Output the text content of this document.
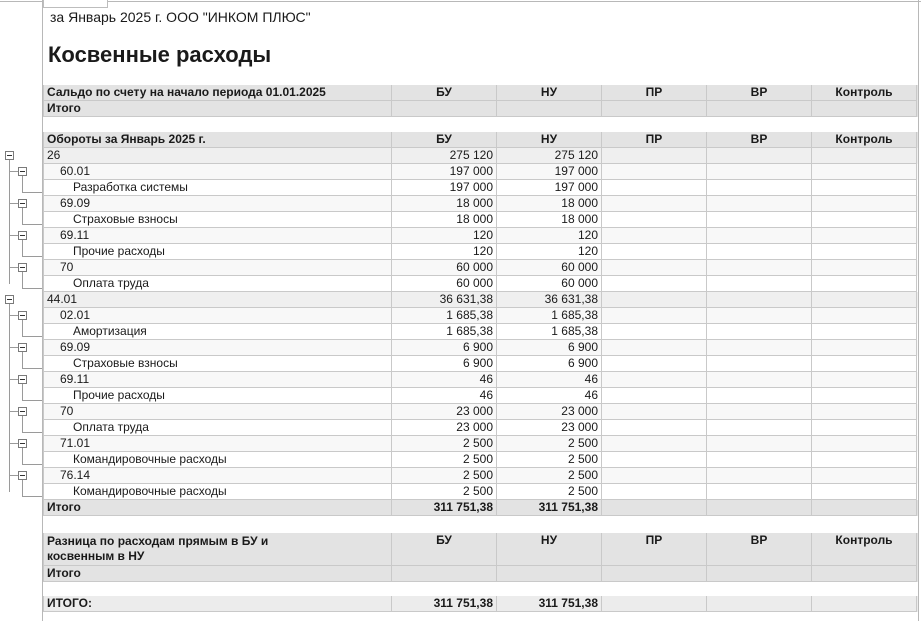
за Январь 2025 г. ООО "ИНКОМ ПЛЮС"
Косвенные расходы
Сальдо по счету на начало периода 01.01.2025	БУ	НУ	ПР	ВР	Контроль
Итого
Обороты за Январь 2025 г.	БУ	НУ	ПР	ВР	Контроль
26	275 120	275 120
60.01	197 000	197 000
Разработка системы	197 000	197 000
69.09	18 000	18 000
Страховые взносы	18 000	18 000
69.11	120	120
Прочие расходы	120	120
70	60 000	60 000
Оплата труда	60 000	60 000
44.01	36 631,38	36 631,38
02.01	1 685,38	1 685,38
Амортизация	1 685,38	1 685,38
69.09	6 900	6 900
Страховые взносы	6 900	6 900
69.11	46	46
Прочие расходы	46	46
70	23 000	23 000
Оплата труда	23 000	23 000
71.01	2 500	2 500
Командировочные расходы	2 500	2 500
76.14	2 500	2 500
Командировочные расходы	2 500	2 500
Итого	311 751,38	311 751,38
Разница по расходам прямым в БУ и косвенным в НУ
БУ	НУ	ПР	ВР	Контроль
Итого
ИТОГО:	311 751,38	311 751,38
